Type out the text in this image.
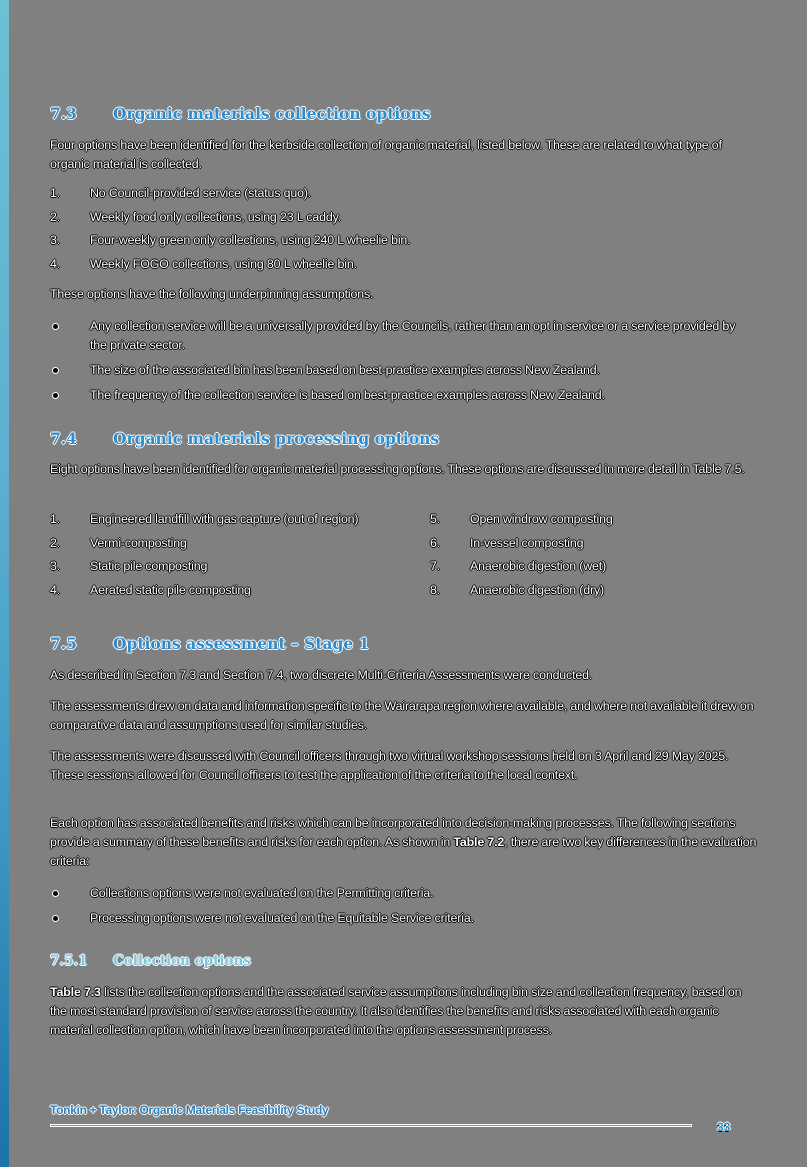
7.3 Organic materials collection options
Four options have been identified for the kerbside collection of organic material, listed below. These are related to what type of organic material is collected.
1. No Council-provided service (status quo).
2. Weekly food only collections, using 23 L caddy.
3. Four-weekly green only collections, using 240 L wheelie bin.
4. Weekly FOGO collections, using 80 L wheelie bin.
These options have the following underpinning assumptions.
Any collection service will be a universally provided by the Councils, rather than an opt in service or a service provided by the private sector.
The size of the associated bin has been based on best-practice examples across New Zealand.
The frequency of the collection service is based on best-practice examples across New Zealand.
7.4 Organic materials processing options
Eight options have been identified for organic material processing options. These options are discussed in more detail in Table 7.5.
1. Engineered landfill with gas capture (out of region)
2. Vermi-composting
3. Static pile composting
4. Aerated static pile composting
5. Open windrow composting
6. In-vessel composting
7. Anaerobic digestion (wet)
8. Anaerobic digestion (dry)
7.5 Options assessment – Stage 1
As described in Section 7.3 and Section 7.4, two discrete Multi-Criteria Assessments were conducted.
The assessments drew on data and information specific to the Wairarapa region where available, and where not available it drew on comparative data and assumptions used for similar studies.
The assessments were discussed with Council officers through two virtual workshop sessions held on 3 April and 29 May 2025. These sessions allowed for Council officers to test the application of the criteria to the local context.
Each option has associated benefits and risks which can be incorporated into decision-making processes. The following sections provide a summary of these benefits and risks for each option. As shown in Table 7.2, there are two key differences in the evaluation criteria:
Collections options were not evaluated on the Permitting criteria.
Processing options were not evaluated on the Equitable Service criteria.
7.5.1 Collection options
Table 7.3 lists the collection options and the associated service assumptions including bin size and collection frequency, based on the most standard provision of service across the country. It also identifies the benefits and risks associated with each organic material collection option, which have been incorporated into the options assessment process.
Tonkin + Taylor: Organic Materials Feasibility Study
33
